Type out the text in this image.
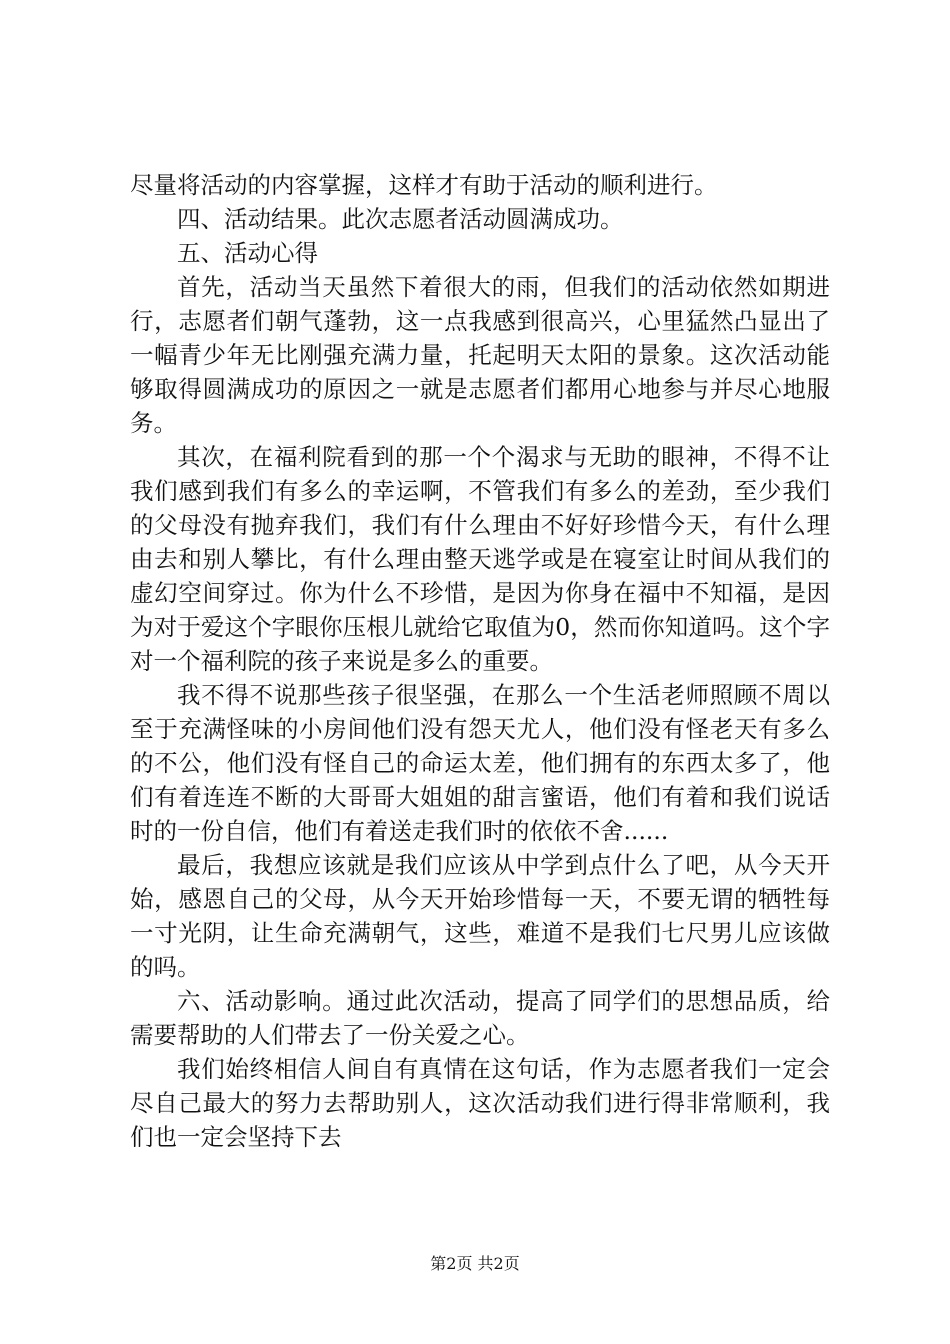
尽量将活动的内容掌握，这样才有助于活动的顺利进行。

四、活动结果。此次志愿者活动圆满成功。

五、活动心得

首先，活动当天虽然下着很大的雨，但我们的活动依然如期进行，志愿者们朝气蓬勃，这一点我感到很高兴，心里猛然凸显出了一幅青少年无比刚强充满力量，托起明天太阳的景象。这次活动能够取得圆满成功的原因之一就是志愿者们都用心地参与并尽心地服务。

其次，在福利院看到的那一个个渴求与无助的眼神，不得不让我们感到我们有多么的幸运啊，不管我们有多么的差劲，至少我们的父母没有抛弃我们，我们有什么理由不好好珍惜今天，有什么理由去和别人攀比，有什么理由整天逃学或是在寝室让时间从我们的虚幻空间穿过。你为什么不珍惜，是因为你身在福中不知福，是因为对于爱这个字眼你压根儿就给它取值为0，然而你知道吗。这个字对一个福利院的孩子来说是多么的重要。

我不得不说那些孩子很坚强，在那么一个生活老师照顾不周以至于充满怪味的小房间他们没有怨天尤人，他们没有怪老天有多么的不公，他们没有怪自己的命运太差，他们拥有的东西太多了，他们有着连连不断的大哥哥大姐姐的甜言蜜语，他们有着和我们说话时的一份自信，他们有着送走我们时的依依不舍......

最后，我想应该就是我们应该从中学到点什么了吧，从今天开始，感恩自己的父母，从今天开始珍惜每一天，不要无谓的牺牲每一寸光阴，让生命充满朝气，这些，难道不是我们七尺男儿应该做的吗。

六、活动影响。通过此次活动，提高了同学们的思想品质，给需要帮助的人们带去了一份关爱之心。

我们始终相信人间自有真情在这句话，作为志愿者我们一定会尽自己最大的努力去帮助别人，这次活动我们进行得非常顺利，我们也一定会坚持下去

第2页 共2页
